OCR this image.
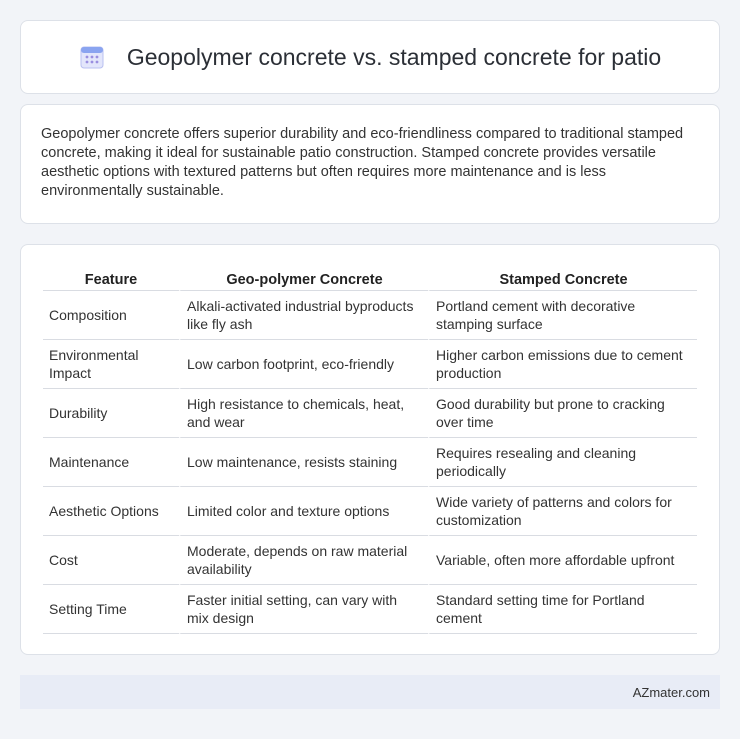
Geopolymer concrete vs. stamped concrete for patio

Geopolymer concrete offers superior durability and eco-friendliness compared to traditional stamped concrete, making it ideal for sustainable patio construction. Stamped concrete provides versatile aesthetic options with textured patterns but often requires more maintenance and is less environmentally sustainable.

Feature	Geo-polymer Concrete	Stamped Concrete
Composition	Alkali-activated industrial byproducts like fly ash	Portland cement with decorative stamping surface
Environmental Impact	Low carbon footprint, eco-friendly	Higher carbon emissions due to cement production
Durability	High resistance to chemicals, heat, and wear	Good durability but prone to cracking over time
Maintenance	Low maintenance, resists staining	Requires resealing and cleaning periodically
Aesthetic Options	Limited color and texture options	Wide variety of patterns and colors for customization
Cost	Moderate, depends on raw material availability	Variable, often more affordable upfront
Setting Time	Faster initial setting, can vary with mix design	Standard setting time for Portland cement
AZmater.com
